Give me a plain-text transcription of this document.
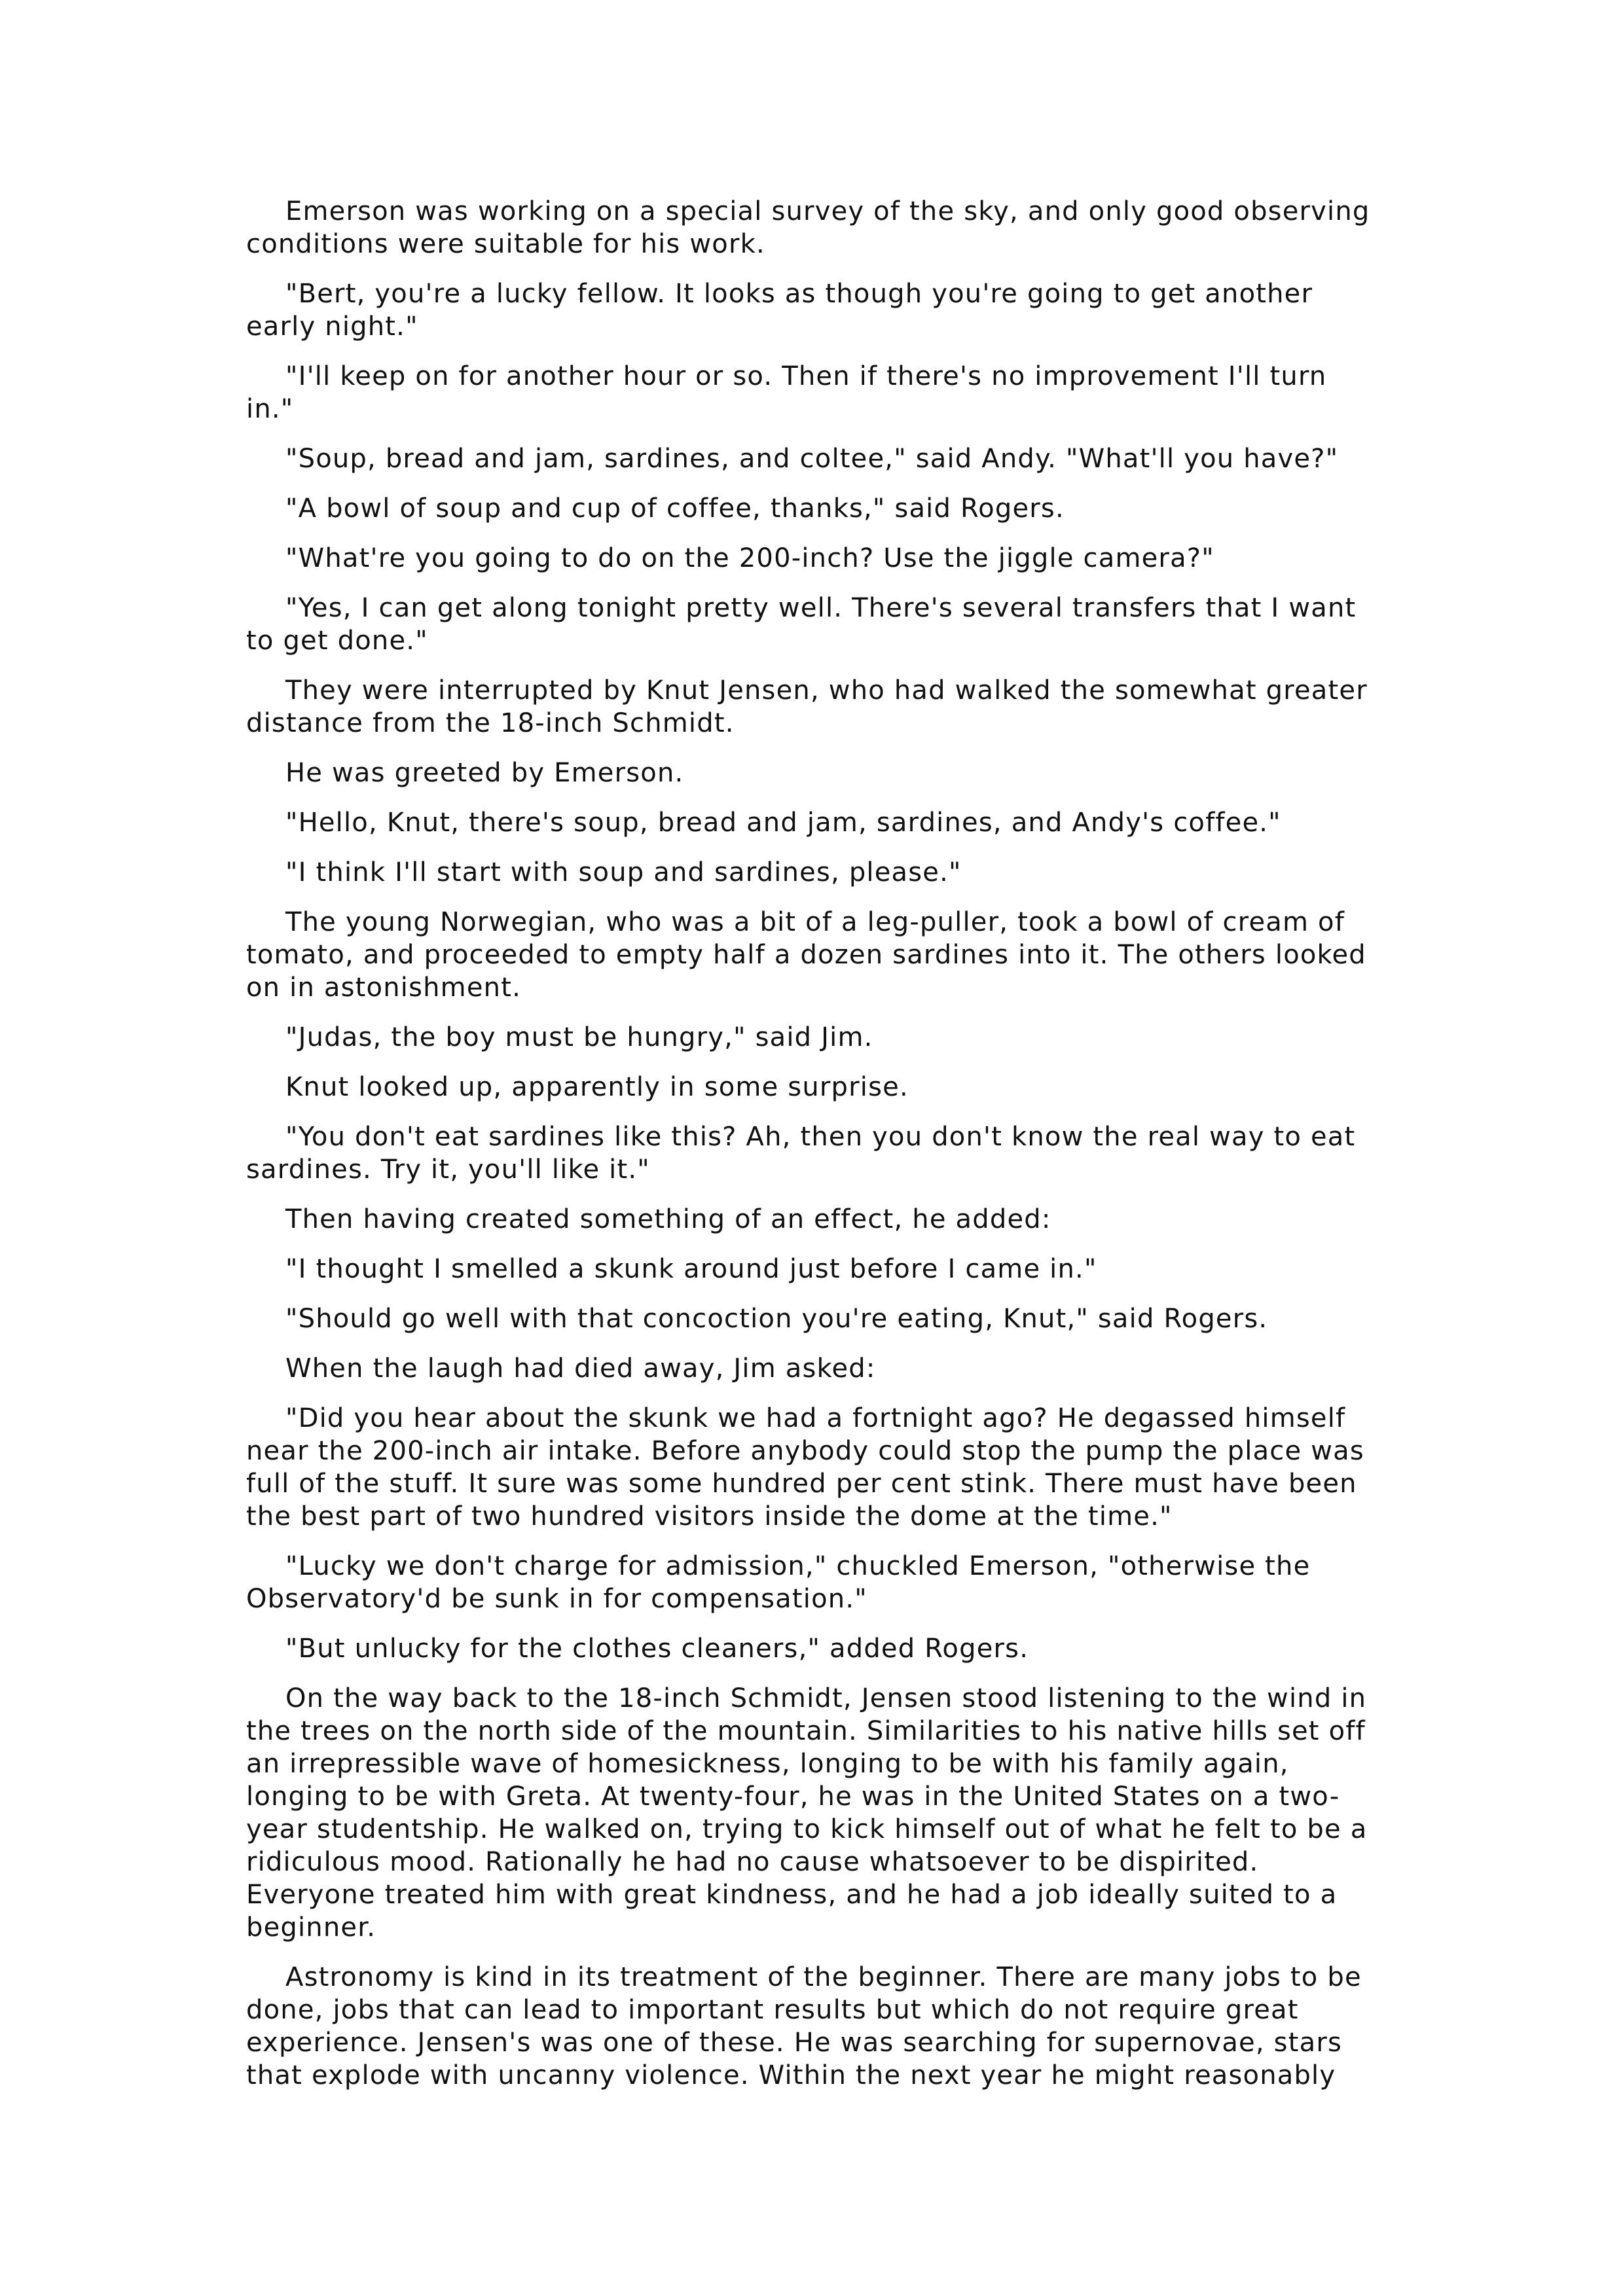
Emerson was working on a special survey of the sky, and only good observing conditions were suitable for his work.

"Bert, you're a lucky fellow. It looks as though you're going to get another early night."

"I'll keep on for another hour or so. Then if there's no improvement I'll turn in."

"Soup, bread and jam, sardines, and coltee," said Andy. "What'll you have?"

"A bowl of soup and cup of coffee, thanks," said Rogers.

"What're you going to do on the 200-inch? Use the jiggle camera?"

"Yes, I can get along tonight pretty well. There's several transfers that I want to get done."

They were interrupted by Knut Jensen, who had walked the somewhat greater distance from the 18-inch Schmidt.

He was greeted by Emerson.

"Hello, Knut, there's soup, bread and jam, sardines, and Andy's coffee."

"I think I'll start with soup and sardines, please."

The young Norwegian, who was a bit of a leg-puller, took a bowl of cream of tomato, and proceeded to empty half a dozen sardines into it. The others looked on in astonishment.

"Judas, the boy must be hungry," said Jim.

Knut looked up, apparently in some surprise.

"You don't eat sardines like this? Ah, then you don't know the real way to eat sardines. Try it, you'll like it."

Then having created something of an effect, he added:

"I thought I smelled a skunk around just before I came in."

"Should go well with that concoction you're eating, Knut," said Rogers.

When the laugh had died away, Jim asked:

"Did you hear about the skunk we had a fortnight ago? He degassed himself near the 200-inch air intake. Before anybody could stop the pump the place was full of the stuff. It sure was some hundred per cent stink. There must have been the best part of two hundred visitors inside the dome at the time."

"Lucky we don't charge for admission," chuckled Emerson, "otherwise the Observatory'd be sunk in for compensation."

"But unlucky for the clothes cleaners," added Rogers.

On the way back to the 18-inch Schmidt, Jensen stood listening to the wind in the trees on the north side of the mountain. Similarities to his native hills set off an irrepressible wave of homesickness, longing to be with his family again, longing to be with Greta. At twenty-four, he was in the United States on a two-year studentship. He walked on, trying to kick himself out of what he felt to be a ridiculous mood. Rationally he had no cause whatsoever to be dispirited. Everyone treated him with great kindness, and he had a job ideally suited to a beginner.

Astronomy is kind in its treatment of the beginner. There are many jobs to be done, jobs that can lead to important results but which do not require great experience. Jensen's was one of these. He was searching for supernovae, stars that explode with uncanny violence. Within the next year he might reasonably
